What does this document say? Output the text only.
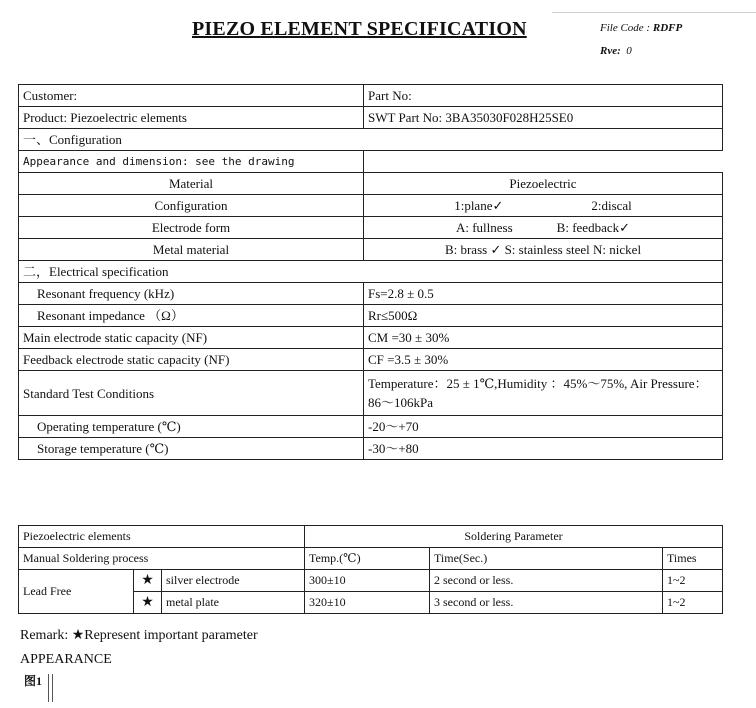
PIEZO ELEMENT SPECIFICATION	File Code : RDFP
Rve: 0
Customer:	Part No:
Product: Piezoelectric elements	SWT Part No: 3BA35030F028H25SE0
一、Configuration	
Appearance and dimension: see the drawing	
Material	Piezoelectric
Configuration	1:plane✓ 2:discal
Electrode form	A: fullness B: feedback✓
Metal material	B: brass ✓ S: stainless steel N: nickel
二，Electrical specification	
Resonant frequency (kHz)	Fs=2.8 ± 0.5
Resonant impedance （Ω）	Rr≤500Ω
Main electrode static capacity (NF)	CM =30 ± 30%
Feedback electrode static capacity (NF)	CF =3.5 ± 30%
Standard Test Conditions	Temperature：25 ± 1℃,Humidity ：45%～75%, Air Pressure：86～106kPa
Operating temperature (℃)	-20～+70
Storage temperature (℃)	-30～+80
Piezoelectric elements			Soldering Parameter		
Manual Soldering process			Temp.(℃)	Time(Sec.)	Times
Lead Free	★	silver electrode	300±10	2 second or less.	1~2
	★	metal plate	320±10	3 second or less.	1~2
Remark: ★Represent important parameter
APPEARANCE
图1
